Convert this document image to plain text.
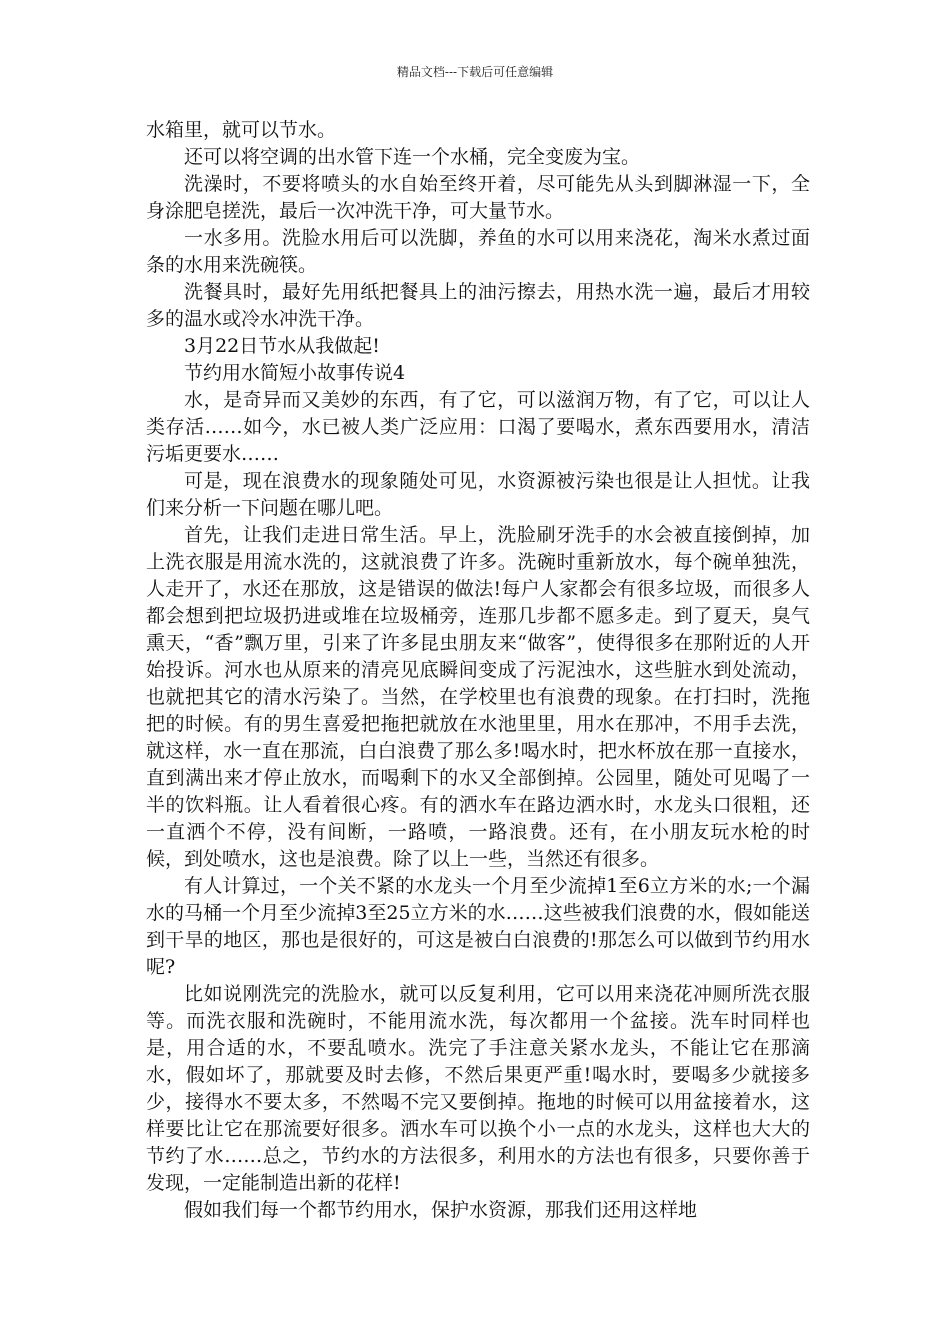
精品文档---下载后可任意编辑

水箱里，就可以节水。

还可以将空调的出水管下连一个水桶，完全变废为宝。

洗澡时，不要将喷头的水自始至终开着，尽可能先从头到脚淋湿一下，全身涂肥皂搓洗，最后一次冲洗干净，可大量节水。

一水多用。洗脸水用后可以洗脚，养鱼的水可以用来浇花，淘米水煮过面条的水用来洗碗筷。

洗餐具时，最好先用纸把餐具上的油污擦去，用热水洗一遍，最后才用较多的温水或冷水冲洗干净。

3月22日节水从我做起!

节约用水简短小故事传说4

水，是奇异而又美妙的东西，有了它，可以滋润万物，有了它，可以让人类存活……如今，水已被人类广泛应用：口渴了要喝水，煮东西要用水，清洁污垢更要水……

可是，现在浪费水的现象随处可见，水资源被污染也很是让人担忧。让我们来分析一下问题在哪儿吧。

首先，让我们走进日常生活。早上，洗脸刷牙洗手的水会被直接倒掉，加上洗衣服是用流水洗的，这就浪费了许多。洗碗时重新放水，每个碗单独洗，人走开了，水还在那放，这是错误的做法!每户人家都会有很多垃圾，而很多人都会想到把垃圾扔进或堆在垃圾桶旁，连那几步都不愿多走。到了夏天，臭气熏天，“香”飘万里，引来了许多昆虫朋友来“做客”，使得很多在那附近的人开始投诉。河水也从原来的清亮见底瞬间变成了污泥浊水，这些脏水到处流动，也就把其它的清水污染了。当然，在学校里也有浪费的现象。在打扫时，洗拖把的时候。有的男生喜爱把拖把就放在水池里里，用水在那冲，不用手去洗，就这样，水一直在那流，白白浪费了那么多!喝水时，把水杯放在那一直接水，直到满出来才停止放水，而喝剩下的水又全部倒掉。公园里，随处可见喝了一半的饮料瓶。让人看着很心疼。有的洒水车在路边洒水时，水龙头口很粗，还一直洒个不停，没有间断，一路喷，一路浪费。还有，在小朋友玩水枪的时候，到处喷水，这也是浪费。除了以上一些，当然还有很多。

有人计算过，一个关不紧的水龙头一个月至少流掉1至6立方米的水;一个漏水的马桶一个月至少流掉3至25立方米的水……这些被我们浪费的水，假如能送到干旱的地区，那也是很好的，可这是被白白浪费的!那怎么可以做到节约用水呢?

比如说刚洗完的洗脸水，就可以反复利用，它可以用来浇花冲厕所洗衣服等。而洗衣服和洗碗时，不能用流水洗，每次都用一个盆接。洗车时同样也是，用合适的水，不要乱喷水。洗完了手注意关紧水龙头，不能让它在那滴水，假如坏了，那就要及时去修，不然后果更严重!喝水时，要喝多少就接多少，接得水不要太多，不然喝不完又要倒掉。拖地的时候可以用盆接着水，这样要比让它在那流要好很多。洒水车可以换个小一点的水龙头，这样也大大的节约了水……总之，节约水的方法很多，利用水的方法也有很多，只要你善于发现，一定能制造出新的花样!

假如我们每一个都节约用水，保护水资源，那我们还用这样地
